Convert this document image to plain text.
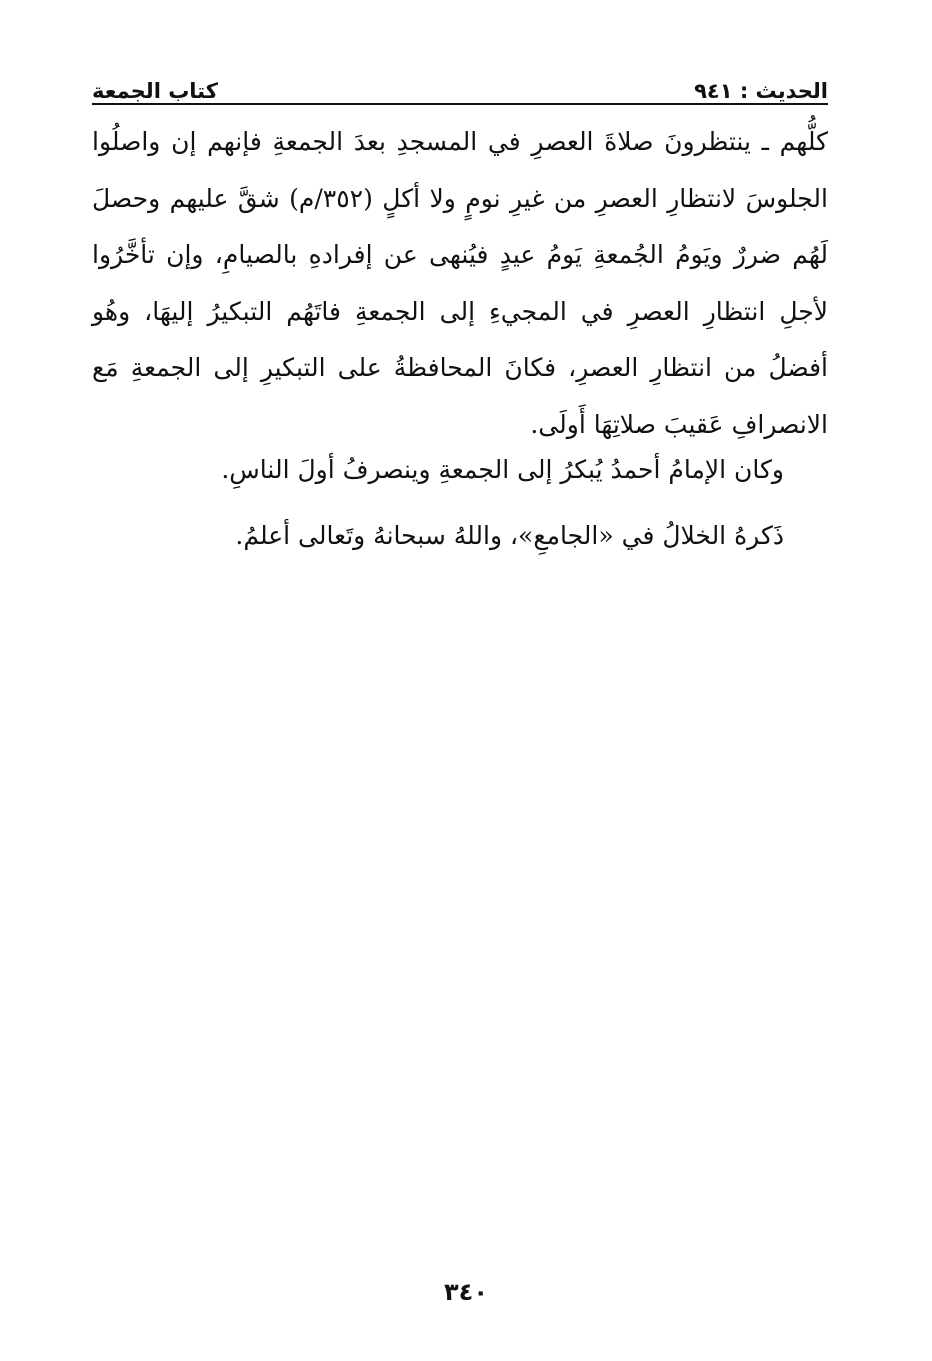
الحديث : ٩٤١
كتاب الجمعة

كلُّهم ـ ينتظرونَ صلاةَ العصرِ في المسجدِ بعدَ الجمعةِ فإنهم إن واصلُوا الجلوسَ لانتظارِ العصرِ من غيرِ نومٍ ولا أكلٍ (٣٥٢/م) شقَّ عليهم وحصلَ لَهُم ضررٌ ويَومُ الجُمعةِ يَومُ عيدٍ فيُنهى عن إفرادهِ بالصيامِ، وإن تأخَّرُوا لأجلِ انتظارِ العصرِ في المجيءِ إلى الجمعةِ فاتَهُم التبكيرُ إليهَا، وهُو أفضلُ من انتظارِ العصرِ، فكانَ المحافظةُ على التبكيرِ إلى الجمعةِ مَع الانصرافِ عَقيبَ صلاتِهَا أَولَى.

وكان الإمامُ أحمدُ يُبكرُ إلى الجمعةِ وينصرفُ أولَ الناسِ.
ذَكرهُ الخلالُ في «الجامعِ»، واللهُ سبحانهُ وتَعالى أعلمُ.
٣٤٠
